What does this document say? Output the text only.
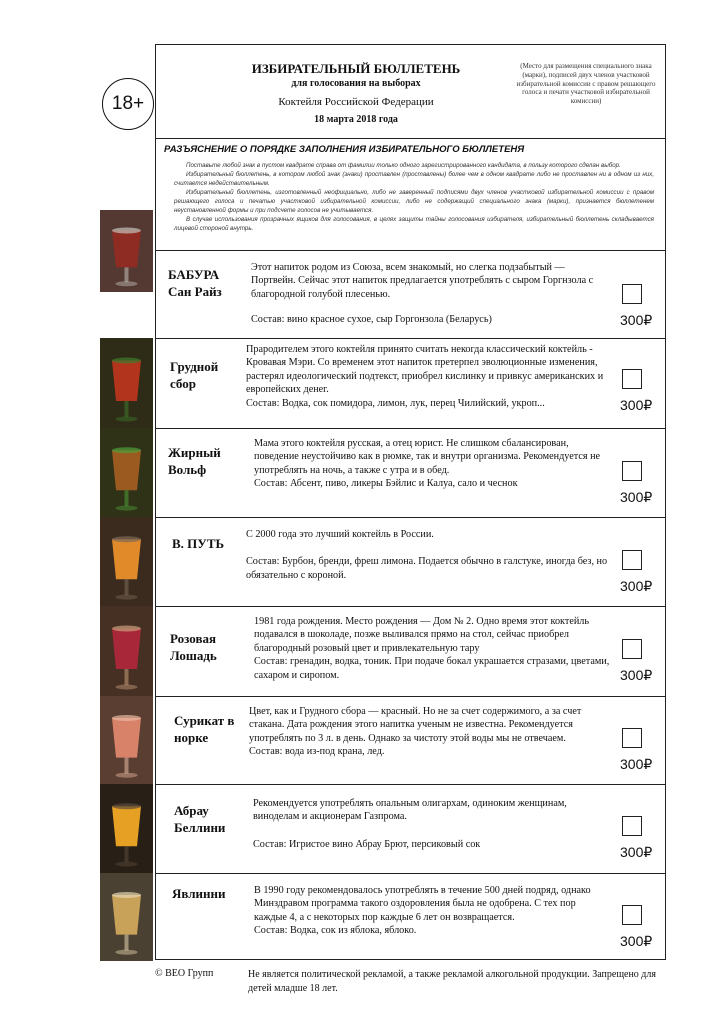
18+
ИЗБИРАТЕЛЬНЫЙ БЮЛЛЕТЕНЬ
для голосования на выборах
Коктейля Российской Федерации
18 марта 2018 года
(Место для размещения специального знака (марки), подписей двух членов участковой избирательной комиссии с правом решающего голоса и печати участковой избирательной комиссии)
РАЗЪЯСНЕНИЕ О ПОРЯДКЕ ЗАПОЛНЕНИЯ ИЗБИРАТЕЛЬНОГО БЮЛЛЕТЕНЯ

Поставьте любой знак в пустом квадрате справа от фамилии только одного зарегистрированного кандидата, в пользу которого сделан выбор.

Избирательный бюллетень, в котором любой знак (знаки) проставлен (проставлены) более чем в одном квадрате либо не проставлен ни в одном из них, считается недействительным.

Избирательный бюллетень, изготовленный неофициально, либо не заверенный подписями двух членов участковой избирательной комиссии с правом решающего голоса и печатью участковой избирательной комиссии, либо не содержащий специального знака (марки), признается бюллетенем неустановленной формы и при подсчете голосов не учитывается.

В случае использования прозрачных ящиков для голосования, в целях защиты тайны голосования избирателя, избирательный бюллетень складывается лицевой стороной внутрь.

БАБУРА
Сан Райз
Этот напиток родом из Союза, всем знакомый, но слегка подзабытый — Портвейн. Сейчас этот напиток предлагается употреблять с сыром Горгнзола с благородной голубой плесенью.
Состав: вино красное сухое, сыр Горгонзола (Беларусь)	300₽
Грудной
сбор
Прародителем этого коктейля принято считать некогда классический коктейль - Кровавая Мэри. Со временем этот напиток претерпел эволюционные изменения, растерял идеологический подтекст, приобрел кислинку и привкус американских и европейских денег.
Состав: Водка, сок помидора, лимон, лук, перец Чилийский, укроп...	300₽
Жирный
Вольф
Мама этого коктейля русская, а отец юрист. Не слишком сбалансирован, поведение неустойчиво как в рюмке, так и внутри организма. Рекомендуется не употреблять на ночь, а также с утра и в обед.
Состав: Абсент, пиво, ликеры Бэйлис и Калуа, сало и чеснок
300₽
В. ПУТЬ
С 2000 года это лучший коктейль в России.
Состав: Бурбон, бренди, фреш лимона. Подается обычно в галстуке, иногда без, но обязательно с короной.
300₽
Розовая
Лошадь
1981 года рождения. Место рождения — Дом № 2. Одно время этот коктейль подавался в шоколаде, позже выливался прямо на стол, сейчас приобрел благородный розовый цвет и привлекательную тару
Состав: гренадин, водка, тоник. При подаче бокал украшается стразами, цветами, сахаром и сиропом.	300₽
Сурикат в
норке
Цвет, как и Грудного сбора — красный. Но не за счет содержимого, а за счет стакана. Дата рождения этого напитка ученым не известна. Рекомендуется употреблять по 3 л. в день. Однако за чистоту этой воды мы не отвечаем.
Состав: вода из-под крана, лед.
300₽
Абрау
Беллини
Рекомендуется употреблять опальным олигархам, одиноким женщинам, виноделам и акционерам Газпрома.
Состав: Игристое вино Абрау Брют, персиковый сок	300₽
Явлинни	В 1990 году рекомендовалось употреблять в течение 500 дней подряд, однако Минздравом программа такого оздоровления была не одобрена. С тех пор каждые 4, а с некоторых пор каждые 6 лет он возвращается.
Состав: Водка, сок из яблока, яблоко.
300₽
© ВЕО Групп	Не является политической рекламой, а также рекламой алкогольной продукции. Запрещено для детей младше 18 лет.
